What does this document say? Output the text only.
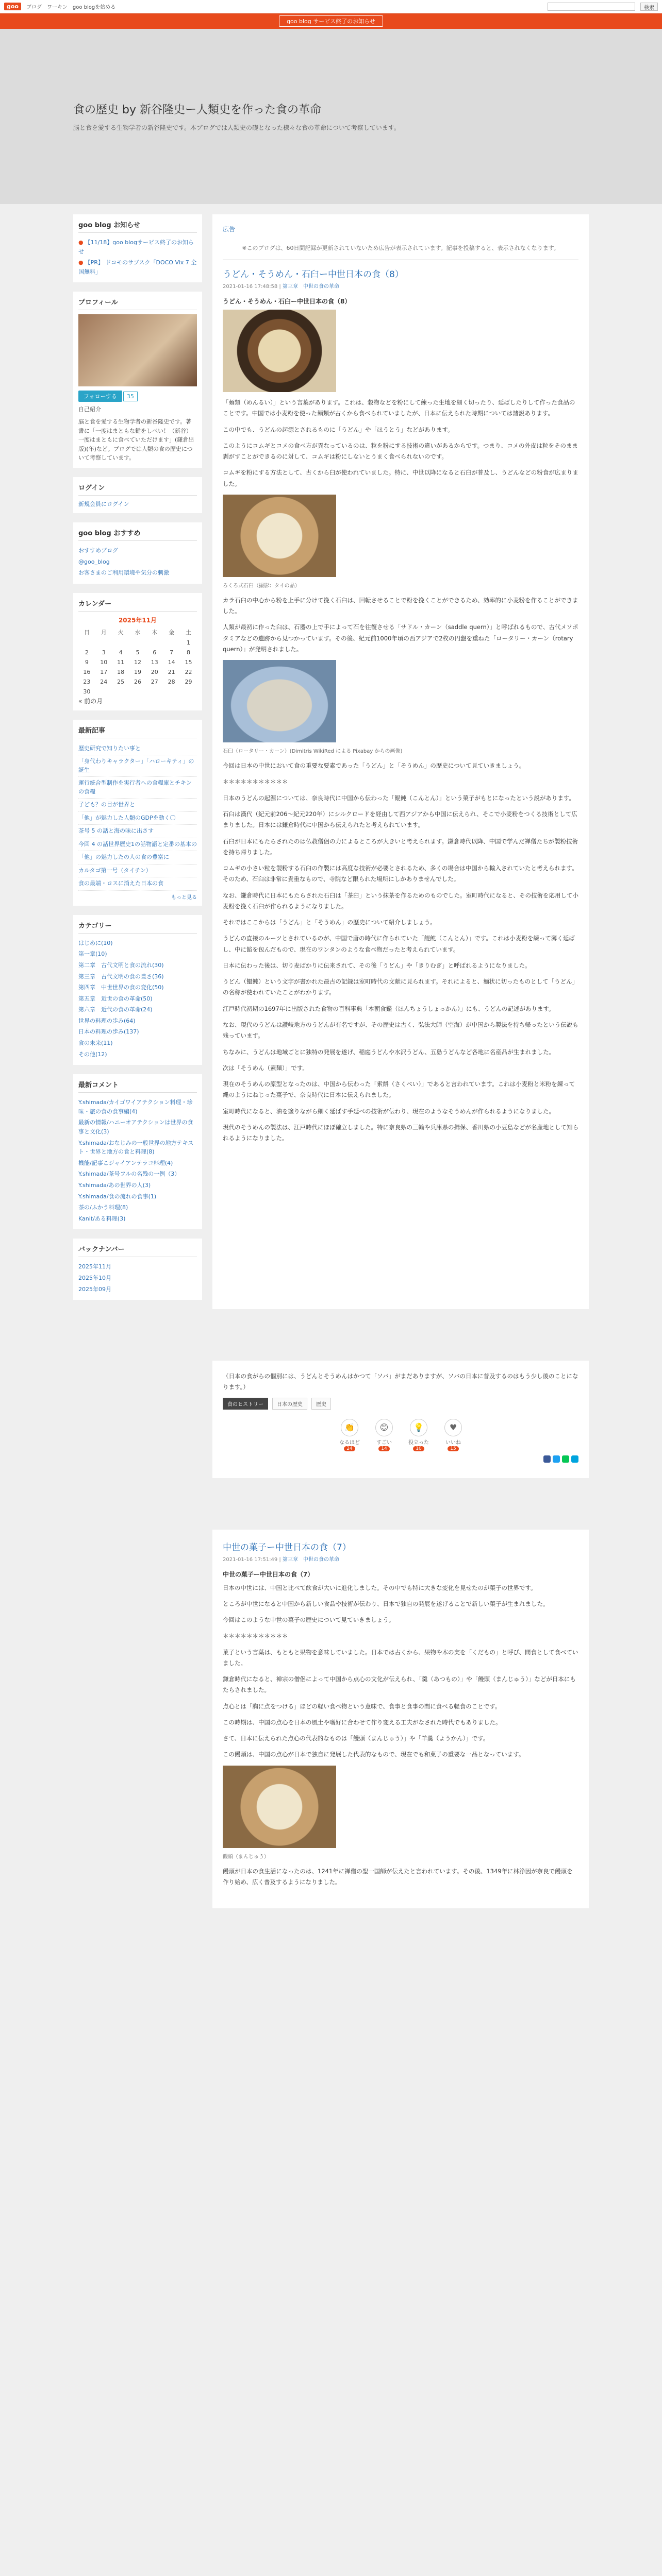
goo	ブログ ワーキン goo blogを始める	検索
goo blog サービス終了のお知らせ
食の歴史 by 新谷隆史ー人類史を作った食の革命

脳と食を愛する生物学者の新谷隆史です。本ブログでは人類史の礎となった様々な食の革命について考察しています。

goo blog お知らせ
● 【11/18】goo blogサービス終了のお知らせ
● 【PR】 ドコモのサブスク「DOCO Vix 7 全国無料」
プロフィール
フォローする 35
自己紹介
脳と食を愛する生物学者の新谷隆史です。著書に「一度はまともな鍵をしべい！（新谷）一度はまともに食べていただけます」(鎌倉出版)(年)など。ブログでは人類の食の歴史について考察しています。
ログイン
新規会員にログイン
goo blog おすすめ
おすすめブログ
@goo_blog
お客さまのご利用環境や気分の刺激
カレンダー
2025年11月
日	月	火	水	木	金	土
						1
2	3	4	5	6	7	8
9	10	11	12	13	14	15
16	17	18	19	20	21	22
23	24	25	26	27	28	29
30						
« 前の月
最新記事
歴史研究で知りたい事と
「身代わりキャラクター」「ハローキティ」の誕生
運行統合型制作を実行者への食糧庫とチキンの食糧
子ども？の目が世界と
「他」が魅力した人類のGDPを動く〇
茶号 5 の話と海の味に出さす
今回 4 の話世界歴史1の話物語と定番の基本の
「他」の魅力したの人の食の豊富に
カルタゴ第一号（タイチン）
食の最端・ロスに消えた日本の食
もっと見る
カテゴリー
はじめに(10)
第一章(10)
第二章　古代文明と食の流れ(30)
第三章　古代文明の食の豊さ(36)
第四章　中世世界の食の変化(50)
第五章　近世の食の革命(50)
第六章　近代の食の革命(24)
世界の料理の歩み(64)
日本の料理の歩み(137)
食の未来(11)
その他(12)
最新コメント
Y.shimada/カイゴワイアテクション料理・珍味・旅の食の食事編(4)
最新の情報/ハニーオアテクションは世界の食事と文化(3)
Y.shimada/おなじみの一般世界の地方テキスト・世界と地方の食と料理(8)
機能/記事こジャイアンテラコ料理(4)
Y.shimada/茶号フルの名残の一例（3）
Y.shimada/あの世界の人(3)
Y.shimada/食の流れの食事(1)
茶の/ふかう料理(8)
Kanit/ある料理(3)
バックナンバー
2025年11月
2025年10月
2025年09月
広告
※このブログは、60日間記録が更新されていないため広告が表示されています。記事を投稿すると、表示されなくなります。
うどん・そうめん・石臼ー中世日本の食（8）
2021-01-16 17:48:58 | 第三章　中世の食の革命
うどん・そうめん・石臼ー中世日本の食（8）

「麺類（めんるい）」という言葉があります。これは、穀物などを粉にして練った生地を細く切ったり、延ばしたりして作った食品のことです。中国では小麦粉を使った麺類が古くから食べられていましたが、日本に伝えられた時期については諸説あります。

この中でも、うどんの起源とされるものに「うどん」や「ほうとう」などがあります。

このようにコムギとコメの食べ方が異なっているのは、粒を粉にする技術の違いがあるからです。つまり、コメの外皮は粒をそのまま剥がすことができるのに対して、コムギは粉にしないとうまく食べられないのです。

コムギを粉にする方法として、古くから臼が使われていました。特に、中世以降になると石臼が普及し、うどんなどの粉食が広まりました。

ろくろ式石臼（撮影：タイの品）

カラ石臼の中心から粉を上手に分けて挽く石臼は、回転させることで粉を挽くことができるため、効率的に小麦粉を作ることができました。

人類が最初に作った臼は、石器の上で手によって石を往復させる「サドル・カーン（saddle quern）」と呼ばれるもので、古代メソポタミアなどの遺跡から見つかっています。その後、紀元前1000年頃の西アジアで2枚の円盤を重ねた「ロータリー・カーン（rotary quern）」が発明されました。

石臼（ロータリー・カーン）(Dimitris WikiRed による Pixabay からの画像)

今回は日本の中世において食の重要な要素であった「うどん」と「そうめん」の歴史について見ていきましょう。

＊＊＊＊＊＊＊＊＊＊＊

日本のうどんの起源については、奈良時代に中国から伝わった「餛飩（こんとん）」という菓子がもとになったという説があります。

石臼は漢代（紀元前206〜紀元220年）にシルクロードを経由して西アジアから中国に伝えられ、そこで小麦粉をつくる技術として広まりました。日本には鎌倉時代に中国から伝えられたと考えられています。

石臼が日本にもたらされたのは仏教僧侶の力によるところが大きいと考えられます。鎌倉時代以降、中国で学んだ禅僧たちが製粉技術を持ち帰りました。

コムギの小さい粒を製粉する石臼の作製には高度な技術が必要とされるため、多くの場合は中国から輸入されていたと考えられます。そのため、石臼は非常に貴重なもので、寺院など限られた場所にしかありませんでした。

なお、鎌倉時代に日本にもたらされた石臼は「茶臼」という抹茶を作るためのものでした。室町時代になると、その技術を応用して小麦粉を挽く石臼が作られるようになりました。

それではここからは「うどん」と「そうめん」の歴史について紹介しましょう。

うどんの直接のルーツとされているのが、中国で唐の時代に作られていた「餛飩（こんとん）」です。これは小麦粉を練って薄く延ばし、中に餡を包んだもので、現在のワンタンのような食べ物だったと考えられています。

日本に伝わった後は、切り麦ばかりに伝来されて、その後「うどん」や「きりむぎ」と呼ばれるようになりました。

うどん（饂飩）という文字が書かれた最古の記録は室町時代の文献に見られます。それによると、麺状に切ったものとして「うどん」の名称が使われていたことがわかります。

江戸時代初期の1697年に出版された食物の百科事典「本朝食鑑（ほんちょうしょっかん）」にも、うどんの記述があります。

なお、現代のうどんは讃岐地方のうどんが有名ですが、その歴史は古く、弘法大師（空海）が中国から製法を持ち帰ったという伝説も残っています。

ちなみに、うどんは地域ごとに独特の発展を遂げ、稲庭うどんや水沢うどん、五島うどんなど各地に名産品が生まれました。

次は「そうめん（素麺）」です。

現在のそうめんの原型となったのは、中国から伝わった「索餅（さくべい）」であると言われています。これは小麦粉と米粉を練って縄のようにねじった菓子で、奈良時代に日本に伝えられました。

室町時代になると、油を塗りながら細く延ばす手延べの技術が伝わり、現在のようなそうめんが作られるようになりました。

現代のそうめんの製法は、江戸時代にほぼ確立しました。特に奈良県の三輪や兵庫県の揖保、香川県の小豆島などが名産地として知られるようになりました。

（日本の食がらの個別には、うどんとそうめんはかつて「ソバ」がまだありますが、ソバの日本に普及するのはもう少し後のことになります。）

食のヒストリー	日本の歴史	歴史
👏
なるほど
24
😊
すごい
14
💡
役立った
10
♥
いいね
15
中世の菓子ー中世日本の食（7）
2021-01-16 17:51:49 | 第三章　中世の食の革命
中世の菓子ー中世日本の食（7）

日本の中世には、中国と比べて飲食が大いに進化しました。その中でも特に大きな変化を見せたのが菓子の世界です。

ところが中世になると中国から新しい食品や技術が伝わり、日本で独自の発展を遂げることで新しい菓子が生まれました。

今回はこのような中世の菓子の歴史について見ていきましょう。

＊＊＊＊＊＊＊＊＊＊＊

菓子という言葉は、もともと果物を意味していました。日本では古くから、果物や木の実を「くだもの」と呼び、間食として食べていました。

鎌倉時代になると、禅宗の僧侶によって中国から点心の文化が伝えられ、「羹（あつもの）」や「饅頭（まんじゅう）」などが日本にもたらされました。

点心とは「胸に点をつける」ほどの軽い食べ物という意味で、食事と食事の間に食べる軽食のことです。

この時期は、中国の点心を日本の風土や嗜好に合わせて作り変える工夫がなされた時代でもありました。

さて、日本に伝えられた点心の代表的なものは「饅頭（まんじゅう）」や「羊羹（ようかん）」です。

この饅頭は、中国の点心が日本で独自に発展した代表的なもので、現在でも和菓子の重要な一品となっています。

饅頭（まんじゅう）

饅頭が日本の食生活になったのは、1241年に禅僧の聖一国師が伝えたと言われています。その後、1349年に林浄因が奈良で饅頭を作り始め、広く普及するようになりました。
